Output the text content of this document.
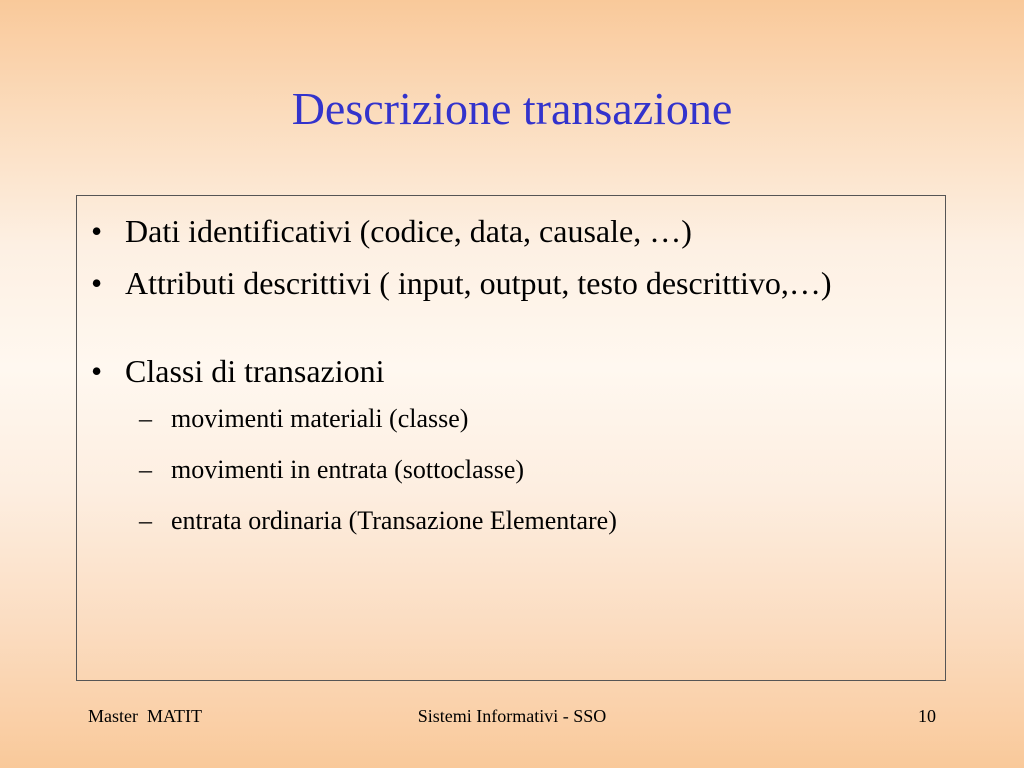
Descrizione transazione
• Dati identificativi (codice, data, causale, …)
• Attributi descrittivi ( input, output, testo descrittivo,…)
• Classi di transazioni
– movimenti materiali (classe)
– movimenti in entrata (sottoclasse)
– entrata ordinaria (Transazione Elementare)
Master  MATIT	Sistemi Informativi - SSO	10
